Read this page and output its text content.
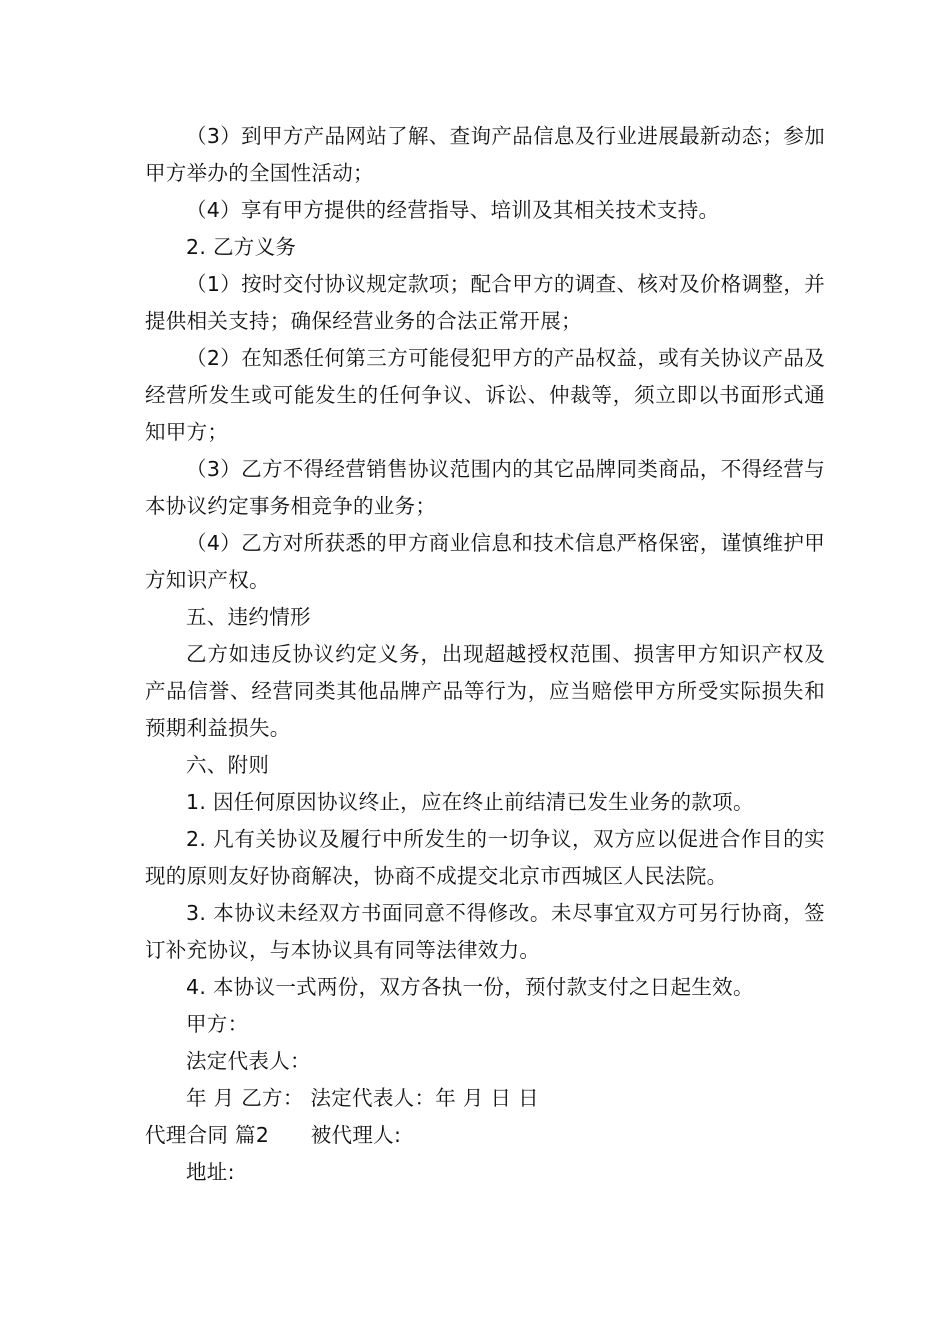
（3）到甲方产品网站了解、查询产品信息及行业进展最新动态；参加甲方举办的全国性活动；

（4）享有甲方提供的经营指导、培训及其相关技术支持。

2. 乙方义务

（1）按时交付协议规定款项；配合甲方的调查、核对及价格调整，并提供相关支持；确保经营业务的合法正常开展；

（2）在知悉任何第三方可能侵犯甲方的产品权益，或有关协议产品及经营所发生或可能发生的任何争议、诉讼、仲裁等，须立即以书面形式通知甲方；

（3）乙方不得经营销售协议范围内的其它品牌同类商品，不得经营与本协议约定事务相竞争的业务；

（4）乙方对所获悉的甲方商业信息和技术信息严格保密，谨慎维护甲方知识产权。

五、违约情形

乙方如违反协议约定义务，出现超越授权范围、损害甲方知识产权及产品信誉、经营同类其他品牌产品等行为，应当赔偿甲方所受实际损失和预期利益损失。

六、附则

1. 因任何原因协议终止，应在终止前结清已发生业务的款项。

2. 凡有关协议及履行中所发生的一切争议，双方应以促进合作目的实现的原则友好协商解决，协商不成提交北京市西城区人民法院。

3. 本协议未经双方书面同意不得修改。未尽事宜双方可另行协商，签订补充协议，与本协议具有同等法律效力。

4. 本协议一式两份，双方各执一份，预付款支付之日起生效。

甲方：

法定代表人：

年 月 乙方： 法定代表人：年 月 日 日

代理合同 篇2　　被代理人:

地址:
